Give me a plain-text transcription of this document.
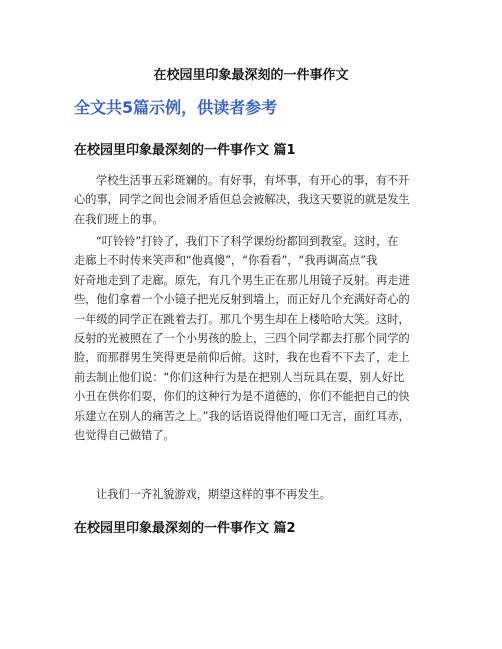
在校园里印象最深刻的一件事作文
全文共5篇示例，供读者参考
在校园里印象最深刻的一件事作文 篇1
学校生活事五彩斑斓的。有好事，有坏事，有开心的事，有不开
心的事，同学之间也会闹矛盾但总会被解决，我这天要说的就是发生
在我们班上的事。
“叮铃铃”打铃了，我们下了科学课纷纷都回到教室。这时，在
走廊上不时传来笑声和“他真傻”，“你看看”，“我再调高点”我
好奇地走到了走廊。原先，有几个男生正在那儿用镜子反射。再走进
些，他们拿着一个小镜子把光反射到墙上，而正好几个充满好奇心的
一年级的同学正在跳着去打。那几个男生却在上楼哈哈大笑。这时，
反射的光被照在了一个小男孩的脸上，三四个同学都去打那个同学的
脸，而那群男生笑得更是前仰后俯。这时，我在也看不下去了，走上
前去制止他们说：“你们这种行为是在把别人当玩具在耍，别人好比
小丑在供你们耍，你们的这种行为是不道德的，你们不能把自己的快
乐建立在别人的痛苦之上。”我的话语说得他们哑口无言，面红耳赤，
也觉得自己做错了。
让我们一齐礼貌游戏，期望这样的事不再发生。
在校园里印象最深刻的一件事作文 篇2
